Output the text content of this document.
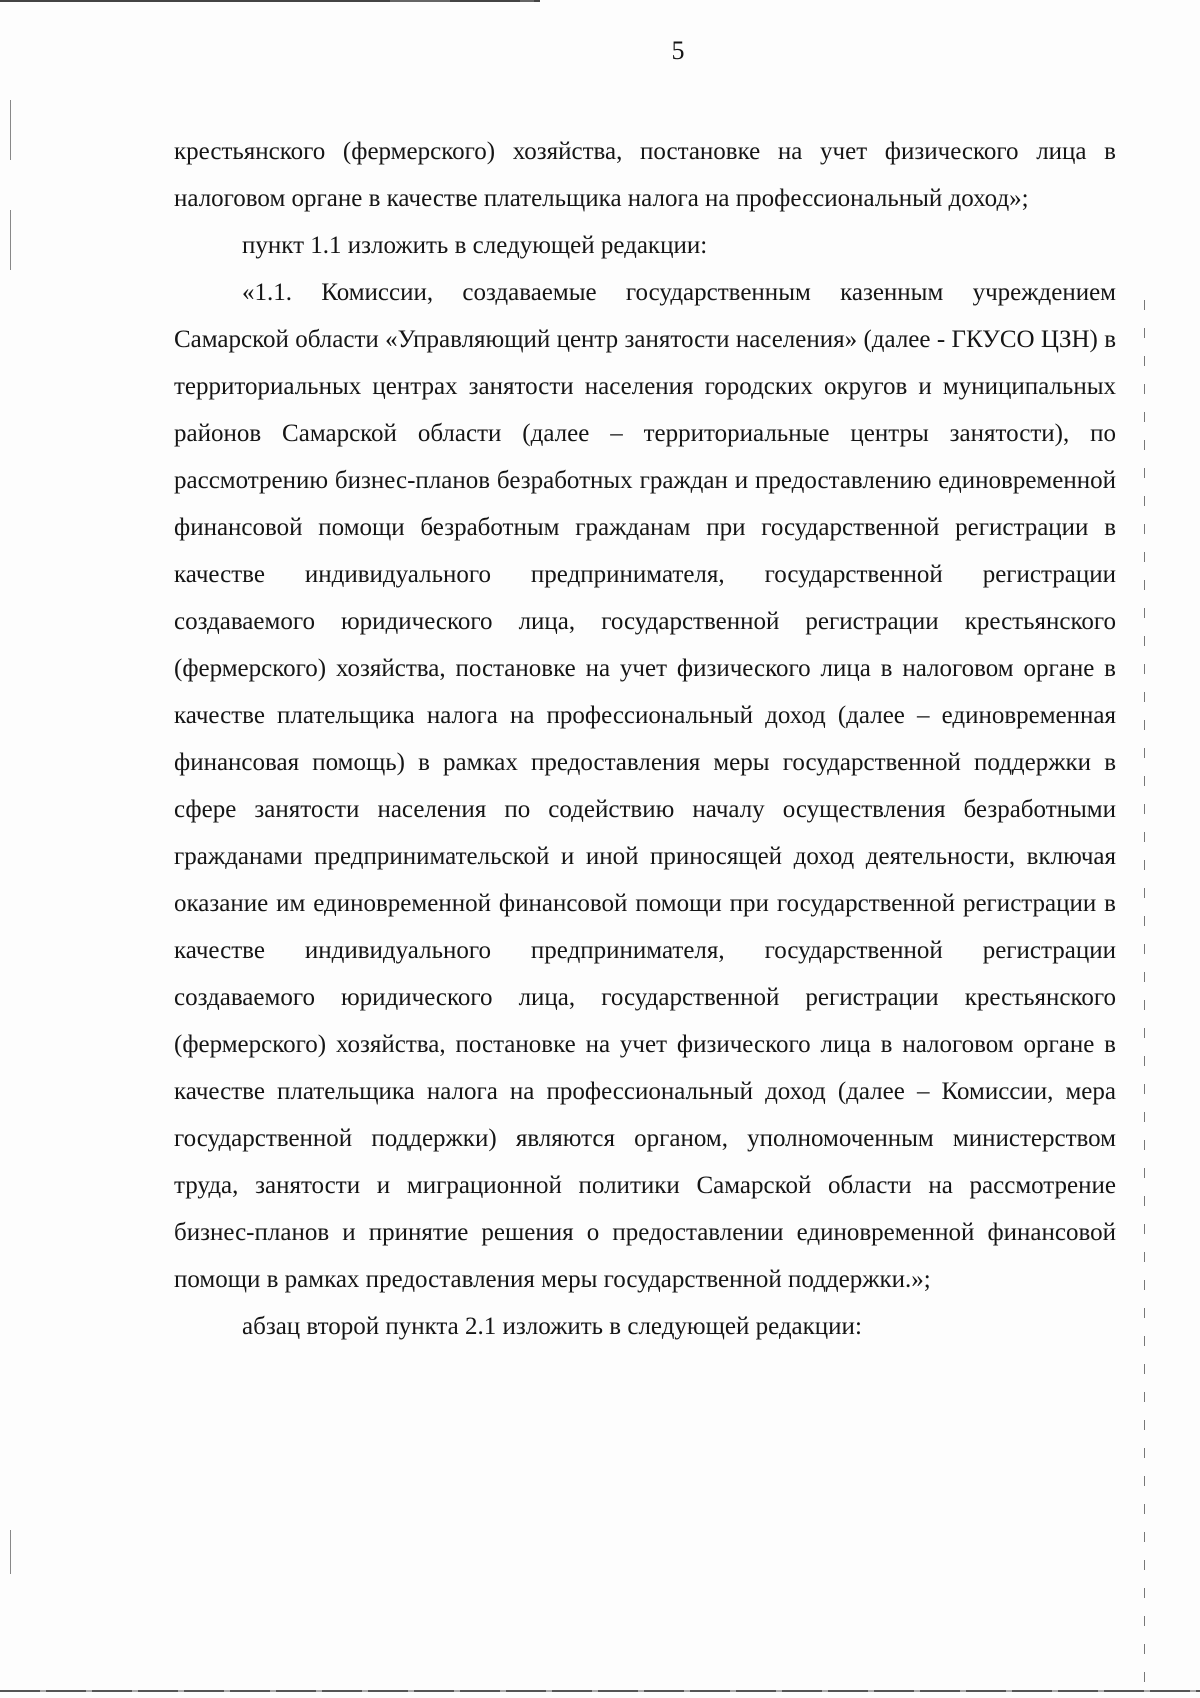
5

крестьянского (фермерского) хозяйства, постановке на учет физического лица в налоговом органе в качестве плательщика налога на профессиональный доход»;

пункт 1.1 изложить в следующей редакции:

«1.1. Комиссии, создаваемые государственным казенным учреждением Самарской области «Управляющий центр занятости населения» (далее - ГКУСО ЦЗН) в территориальных центрах занятости населения городских округов и муниципальных районов Самарской области (далее – территориальные центры занятости), по рассмотрению бизнес-планов безработных граждан и предоставлению единовременной финансовой помощи безработным гражданам при государственной регистрации в качестве индивидуального предпринимателя, государственной регистрации создаваемого юридического лица, государственной регистрации крестьянского (фермерского) хозяйства, постановке на учет физического лица в налоговом органе в качестве плательщика налога на профессиональный доход (далее – единовременная финансовая помощь) в рамках предоставления меры государственной поддержки в сфере занятости населения по содействию началу осуществления безработными гражданами предпринимательской и иной приносящей доход деятельности, включая оказание им единовременной финансовой помощи при государственной регистрации в качестве индивидуального предпринимателя, государственной регистрации создаваемого юридического лица, государственной регистрации крестьянского (фермерского) хозяйства, постановке на учет физического лица в налоговом органе в качестве плательщика налога на профессиональный доход (далее – Комиссии, мера государственной поддержки) являются органом, уполномоченным министерством труда, занятости и миграционной политики Самарской области на рассмотрение бизнес-планов и принятие решения о предоставлении единовременной финансовой помощи в рамках предоставления меры государственной поддержки.»;

абзац второй пункта 2.1 изложить в следующей редакции:
